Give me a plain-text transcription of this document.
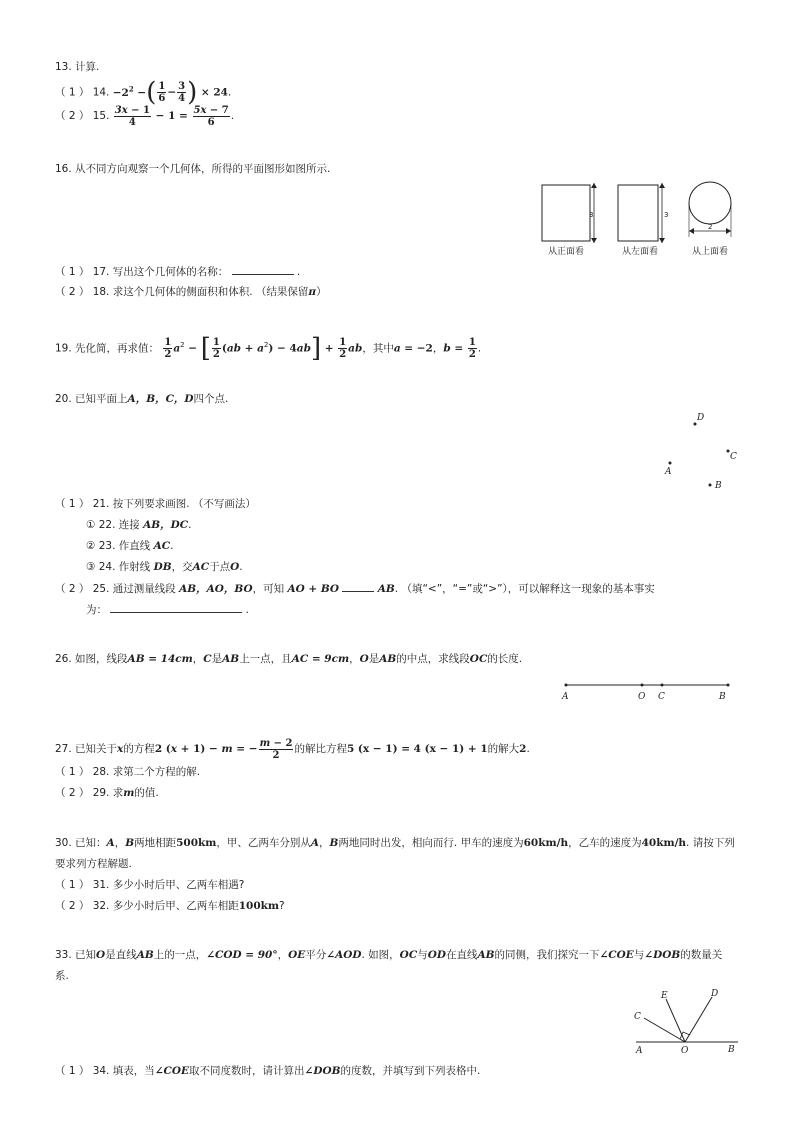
13. 计算.
（ 1 ） 14. $-2^2$ −( $\frac{1}{6} - \frac{3}{4}$ ) × 24.
（ 2 ） 15. $\frac{3x - 1}{4} - 1 = \frac{5x - 7}{6}$ .
16. 从不同方向观察一个几何体，所得的平面图形如图所示.
3
从正面看
3
从左面看
2
从上面看
（ 1 ） 17. 写出这个几何体的名称：	.
（ 2 ） 18. 求这个几何体的侧面积和体积. （结果保留π）
19. 先化简，再求值： $\frac{1}{2} a^2$ − [ $\frac{1}{2} (ab + a^2) - 4ab] + \frac{1}{2}$ ab，其中a = −2，$b = \frac{1}{2}$ .
20. 已知平面上A，B，C，D四个点.
D
A
C
B
（ 1 ） 21. 按下列要求画图. （不写画法）
① 22. 连接 AB，DC.
② 23. 作直线 AC.
③ 24. 作射线 DB，交AC于点O.
（ 2 ） 25. 通过测量线段 AB，AO，BO，可知 AO + BO	AB. （填“<”，“=”或“>”），可以解释这一现象的基本事实
为：	.
26. 如图，线段AB = 14cm，C是AB上一点，且AC = 9cm，O是AB的中点，求线段OC的长度.
A	O C	B
27. 已知关于x的方程2 (x + 1) − m = − $\frac{m - 2}{2}$ 的解比方程5 (x − 1) = 4 (x − 1) + 1的解大2.
（ 1 ） 28. 求第二个方程的解.
（ 2 ） 29. 求m的值.
30. 已知：A，B两地相距500km，甲、乙两车分别从A，B两地同时出发，相向而行. 甲车的速度为60km/h，乙车的速度为40km/h. 请按下列
要求列方程解题.
（ 1 ） 31. 多少小时后甲、乙两车相遇?
（ 2 ） 32. 多少小时后甲、乙两车相距100km?
33. 已知O是直线AB上的一点，∠COD = 90°，OE平分∠AOD. 如图，OC与OD在直线AB的同侧，我们探究一下∠COE与∠DOB的数量关
系.
A	O	B
C
E	D
（ 1 ） 34. 填表，当∠COE取不同度数时，请计算出∠DOB的度数，并填写到下列表格中.
